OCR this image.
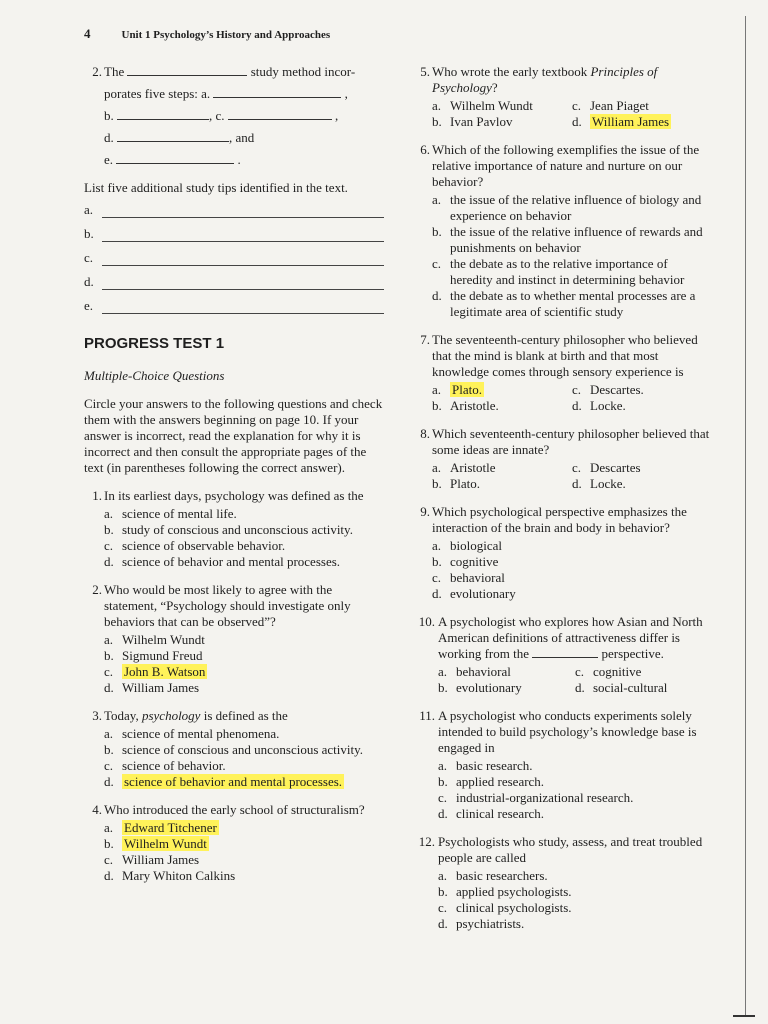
4	Unit 1 Psychology’s History and Approaches
2. The	study method incor-
porates five steps: a.	,
b.	, c.	,
d.	, and
e.	.
List five additional study tips identified in the text.
a.
b.
c.
d.
e.
PROGRESS TEST 1
Multiple-Choice Questions
Circle your answers to the following questions and check them with the answers beginning on page 10. If your answer is incorrect, read the explanation for why it is incorrect and then consult the appropriate pages of the text (in parentheses following the correct answer).
1. In its earliest days, psychology was defined as the
a. science of mental life.
b. study of conscious and unconscious activity.
c. science of observable behavior.
d. science of behavior and mental processes.
2. Who would be most likely to agree with the statement, “Psychology should investigate only behaviors that can be observed”?
a. Wilhelm Wundt
b. Sigmund Freud
c. John B. Watson
d. William James
3. Today, psychology is defined as the
a. science of mental phenomena.
b. science of conscious and unconscious activity.
c. science of behavior.
d. science of behavior and mental processes.
4. Who introduced the early school of structuralism?
a. Edward Titchener
b. Wilhelm Wundt
c. William James
d. Mary Whiton Calkins
5. Who wrote the early textbook Principles of Psychology?
a. Wilhelm Wundt	c. Jean Piaget
b. Ivan Pavlov	d. William James
6. Which of the following exemplifies the issue of the relative importance of nature and nurture on our behavior?
a. the issue of the relative influence of biology and experience on behavior
b. the issue of the relative influence of rewards and punishments on behavior
c. the debate as to the relative importance of heredity and instinct in determining behavior
d. the debate as to whether mental processes are a legitimate area of scientific study
7. The seventeenth-century philosopher who believed that the mind is blank at birth and that most knowledge comes through sensory experience is
a. Plato.	c. Descartes.
b. Aristotle.	d. Locke.
8. Which seventeenth-century philosopher believed that some ideas are innate?
a. Aristotle	c. Descartes
b. Plato.	d. Locke.
9. Which psychological perspective emphasizes the interaction of the brain and body in behavior?
a. biological
b. cognitive
c. behavioral
d. evolutionary
10. A psychologist who explores how Asian and North American definitions of attractiveness differ is working from the	perspective.
a. behavioral	c. cognitive
b. evolutionary	d. social-cultural
11. A psychologist who conducts experiments solely intended to build psychology’s knowledge base is engaged in
a. basic research.
b. applied research.
c. industrial-organizational research.
d. clinical research.
12. Psychologists who study, assess, and treat troubled people are called
a. basic researchers.
b. applied psychologists.
c. clinical psychologists.
d. psychiatrists.
